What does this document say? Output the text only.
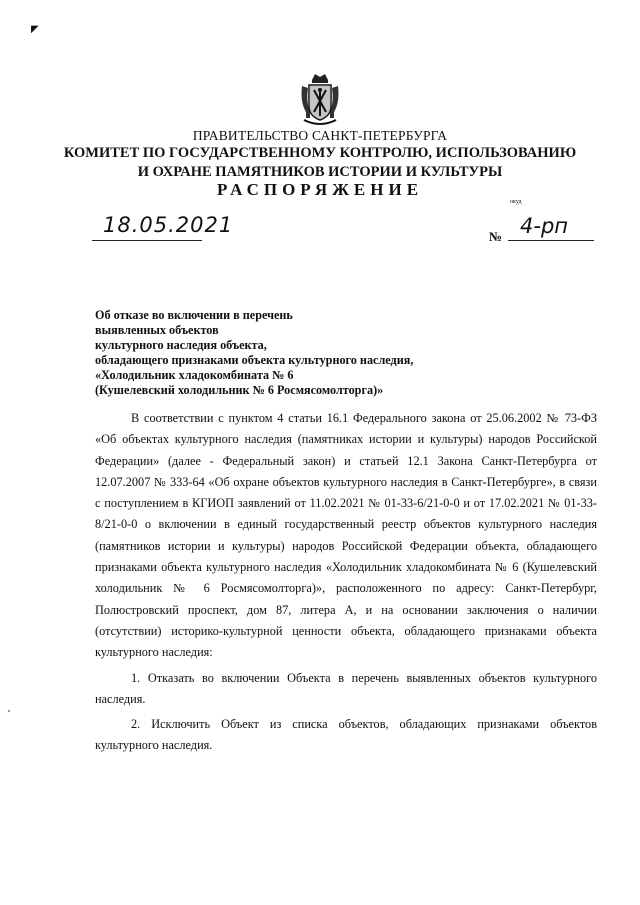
◤
ПРАВИТЕЛЬСТВО САНКТ-ПЕТЕРБУРГА
КОМИТЕТ ПО ГОСУДАРСТВЕННОМУ КОНТРОЛЮ, ИСПОЛЬЗОВАНИЮ
И ОХРАНЕ ПАМЯТНИКОВ ИСТОРИИ И КУЛЬТУРЫ
РАСПОРЯЖЕНИЕ
окуд
18.05.2021	№ 4-рп
Об отказе во включении в перечень
выявленных объектов
культурного наследия объекта,
обладающего признаками объекта культурного наследия,
«Холодильник хладокомбината № 6
(Кушелевский холодильник № 6 Росмясомолторга)»

В соответствии с пунктом 4 статьи 16.1 Федерального закона от 25.06.2002 № 73-ФЗ «Об объектах культурного наследия (памятниках истории и культуры) народов Российской Федерации» (далее - Федеральный закон) и статьей 12.1 Закона Санкт-Петербурга от 12.07.2007 № 333-64 «Об охране объектов культурного наследия в Санкт-Петербурге», в связи с поступлением в КГИОП заявлений от 11.02.2021 № 01-33-6/21-0-0 и от 17.02.2021 № 01-33-8/21-0-0 о включении в единый государственный реестр объектов культурного наследия (памятников истории и культуры) народов Российской Федерации объекта, обладающего признаками объекта культурного наследия «Холодильник хладокомбината № 6 (Кушелевский холодильник № 6 Росмясомолторга)», расположенного по адресу: Санкт-Петербург, Полюстровский проспект, дом 87, литера А, и на основании заключения о наличии (отсутствии) историко-культурной ценности объекта, обладающего признаками объекта культурного наследия:

1. Отказать во включении Объекта в перечень выявленных объектов культурного наследия.

2. Исключить Объект из списка объектов, обладающих признаками объектов культурного наследия.
